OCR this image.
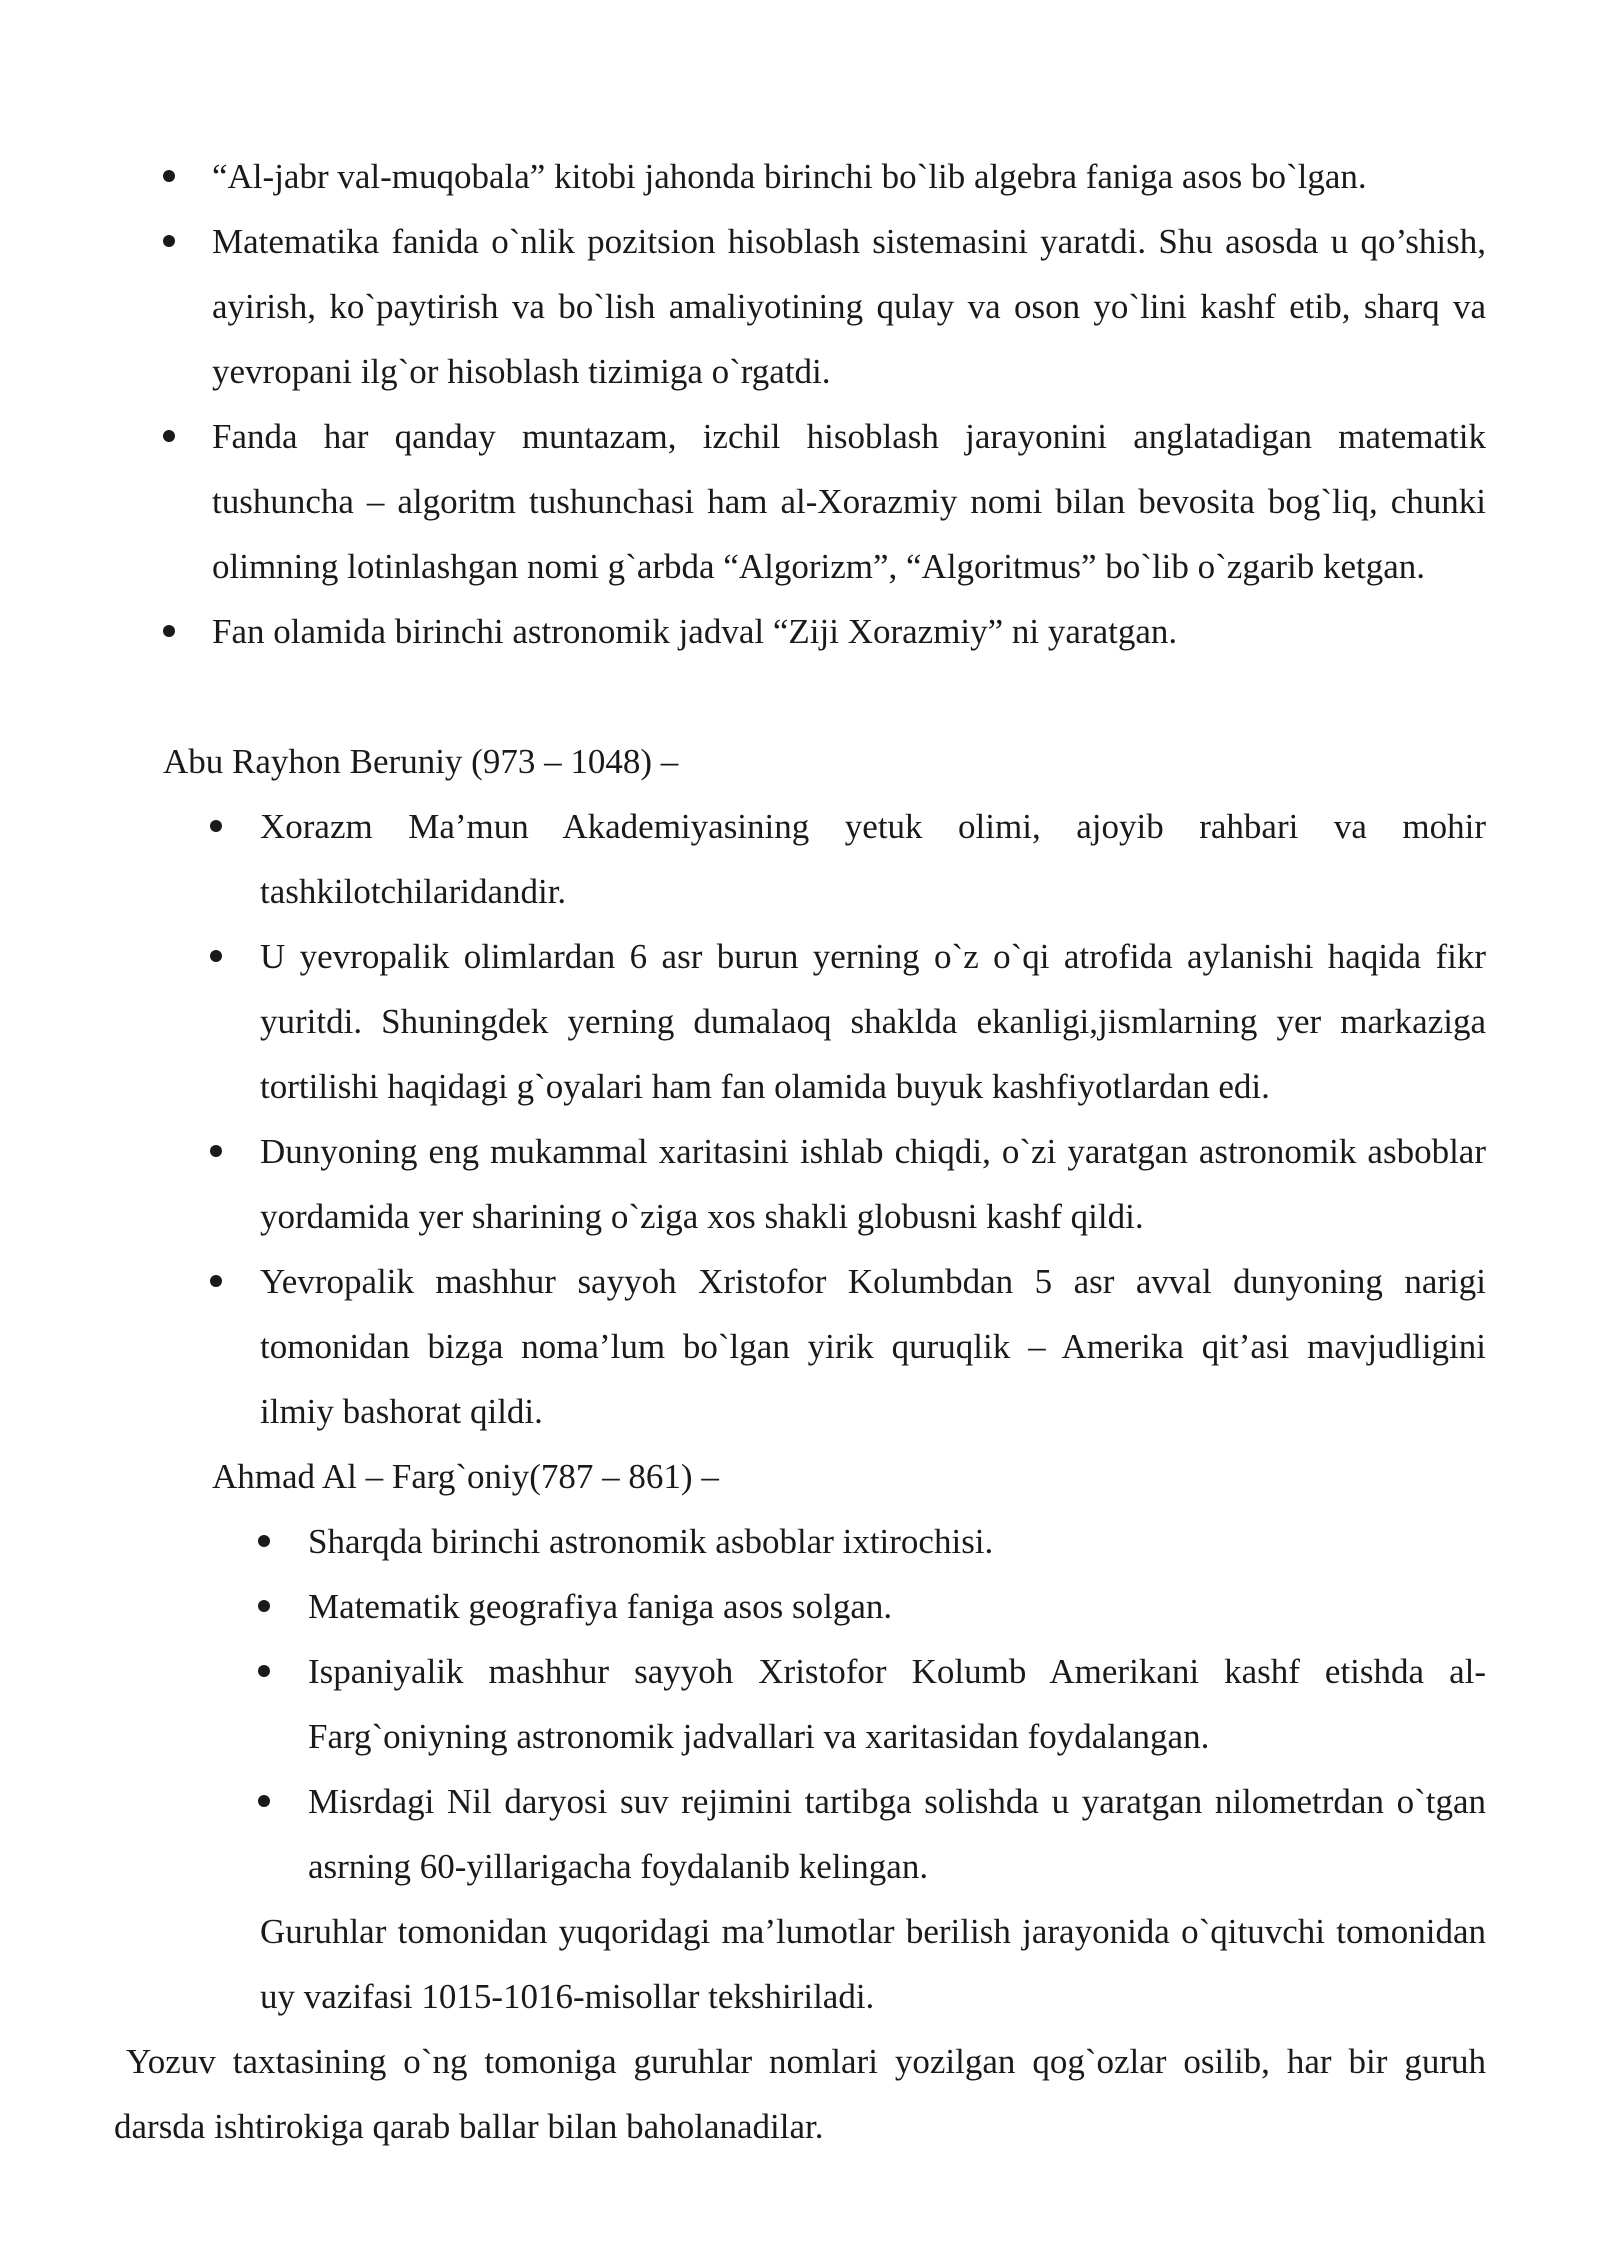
“Al-jabr val-muqobala” kitobi jahonda birinchi bo`lib algebra faniga asos bo`lgan.
Matematika fanida o`nlik pozitsion hisoblash sistemasini yaratdi. Shu asosda u qo’shish, ayirish, ko`paytirish va bo`lish amaliyotining qulay va oson yo`lini kashf etib, sharq va yevropani ilg`or hisoblash tizimiga o`rgatdi.
Fanda har qanday muntazam, izchil hisoblash jarayonini anglatadigan matematik tushuncha – algoritm tushunchasi ham al-Xorazmiy nomi bilan bevosita bog`liq, chunki olimning lotinlashgan nomi g`arbda “Algorizm”, “Algoritmus” bo`lib o`zgarib ketgan.
Fan olamida birinchi astronomik jadval “Ziji Xorazmiy” ni yaratgan.
Abu Rayhon Beruniy (973 – 1048) –
Xorazm Ma’mun Akademiyasining yetuk olimi, ajoyib rahbari va mohir tashkilotchilaridandir.
U yevropalik olimlardan 6 asr burun yerning o`z o`qi atrofida aylanishi haqida fikr yuritdi. Shuningdek yerning dumalaoq shaklda ekanligi,jismlarning yer markaziga tortilishi haqidagi g`oyalari ham fan olamida buyuk kashfiyotlardan edi.
Dunyoning eng mukammal xaritasini ishlab chiqdi, o`zi yaratgan astronomik asboblar yordamida yer sharining o`ziga xos shakli globusni kashf qildi.
Yevropalik mashhur sayyoh Xristofor Kolumbdan 5 asr avval dunyoning narigi tomonidan bizga noma’lum bo`lgan yirik quruqlik – Amerika qit’asi mavjudligini ilmiy bashorat qildi.
Ahmad Al – Farg`oniy(787 – 861) –
Sharqda birinchi astronomik asboblar ixtirochisi.
Matematik geografiya faniga asos solgan.
Ispaniyalik mashhur sayyoh Xristofor Kolumb Amerikani kashf etishda al-Farg`oniyning astronomik jadvallari va xaritasidan foydalangan.
Misrdagi Nil daryosi suv rejimini tartibga solishda u yaratgan nilometrdan o`tgan asrning 60-yillarigacha foydalanib kelingan.
Guruhlar tomonidan yuqoridagi ma’lumotlar berilish jarayonida o`qituvchi tomonidan uy vazifasi 1015-1016-misollar tekshiriladi.
Yozuv taxtasining o`ng tomoniga guruhlar nomlari yozilgan qog`ozlar osilib, har bir guruh darsda ishtirokiga qarab ballar bilan baholanadilar.
